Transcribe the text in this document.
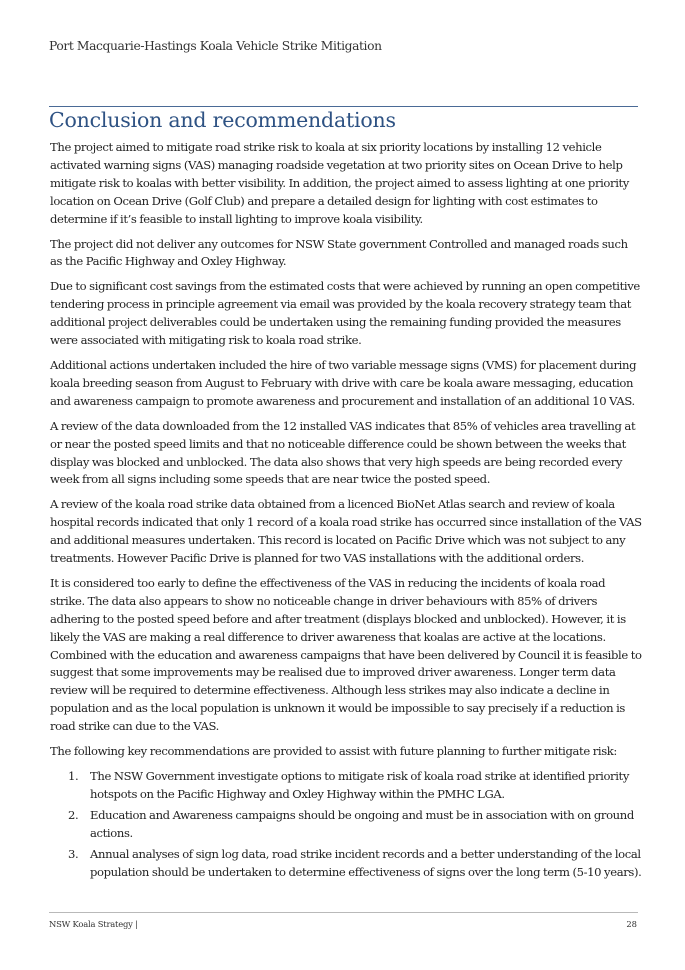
Port Macquarie-Hastings Koala Vehicle Strike Mitigation
Conclusion and recommendations

The project aimed to mitigate road strike risk to koala at six priority locations by installing 12 vehicle activated warning signs (VAS) managing roadside vegetation at two priority sites on Ocean Drive to help mitigate risk to koalas with better visibility. In addition, the project aimed to assess lighting at one priority location on Ocean Drive (Golf Club) and prepare a detailed design for lighting with cost estimates to determine if it’s feasible to install lighting to improve koala visibility.

The project did not deliver any outcomes for NSW State government Controlled and managed roads such as the Pacific Highway and Oxley Highway.

Due to significant cost savings from the estimated costs that were achieved by running an open competitive tendering process in principle agreement via email was provided by the koala recovery strategy team that additional project deliverables could be undertaken using the remaining funding provided the measures were associated with mitigating risk to koala road strike.

Additional actions undertaken included the hire of two variable message signs (VMS) for placement during koala breeding season from August to February with drive with care be koala aware messaging, education and awareness campaign to promote awareness and procurement and installation of an additional 10 VAS.

A review of the data downloaded from the 12 installed VAS indicates that 85% of vehicles area travelling at or near the posted speed limits and that no noticeable difference could be shown between the weeks that display was blocked and unblocked. The data also shows that very high speeds are being recorded every week from all signs including some speeds that are near twice the posted speed.

A review of the koala road strike data obtained from a licenced BioNet Atlas search and review of koala hospital records indicated that only 1 record of a koala road strike has occurred since installation of the VAS and additional measures undertaken. This record is located on Pacific Drive which was not subject to any treatments. However Pacific Drive is planned for two VAS installations with the additional orders.

It is considered too early to define the effectiveness of the VAS in reducing the incidents of koala road strike. The data also appears to show no noticeable change in driver behaviours with 85% of drivers adhering to the posted speed before and after treatment (displays blocked and unblocked). However, it is likely the VAS are making a real difference to driver awareness that koalas are active at the locations. Combined with the education and awareness campaigns that have been delivered by Council it is feasible to suggest that some improvements may be realised due to improved driver awareness. Longer term data review will be required to determine effectiveness. Although less strikes may also indicate a decline in population and as the local population is unknown it would be impossible to say precisely if a reduction is road strike can due to the VAS.

The following key recommendations are provided to assist with future planning to further mitigate risk:

1. The NSW Government investigate options to mitigate risk of koala road strike at identified priority hotspots on the Pacific Highway and Oxley Highway within the PMHC LGA.
2. Education and Awareness campaigns should be ongoing and must be in association with on ground actions.
3. Annual analyses of sign log data, road strike incident records and a better understanding of the local population should be undertaken to determine effectiveness of signs over the long term (5-10 years).
NSW Koala Strategy |	28
